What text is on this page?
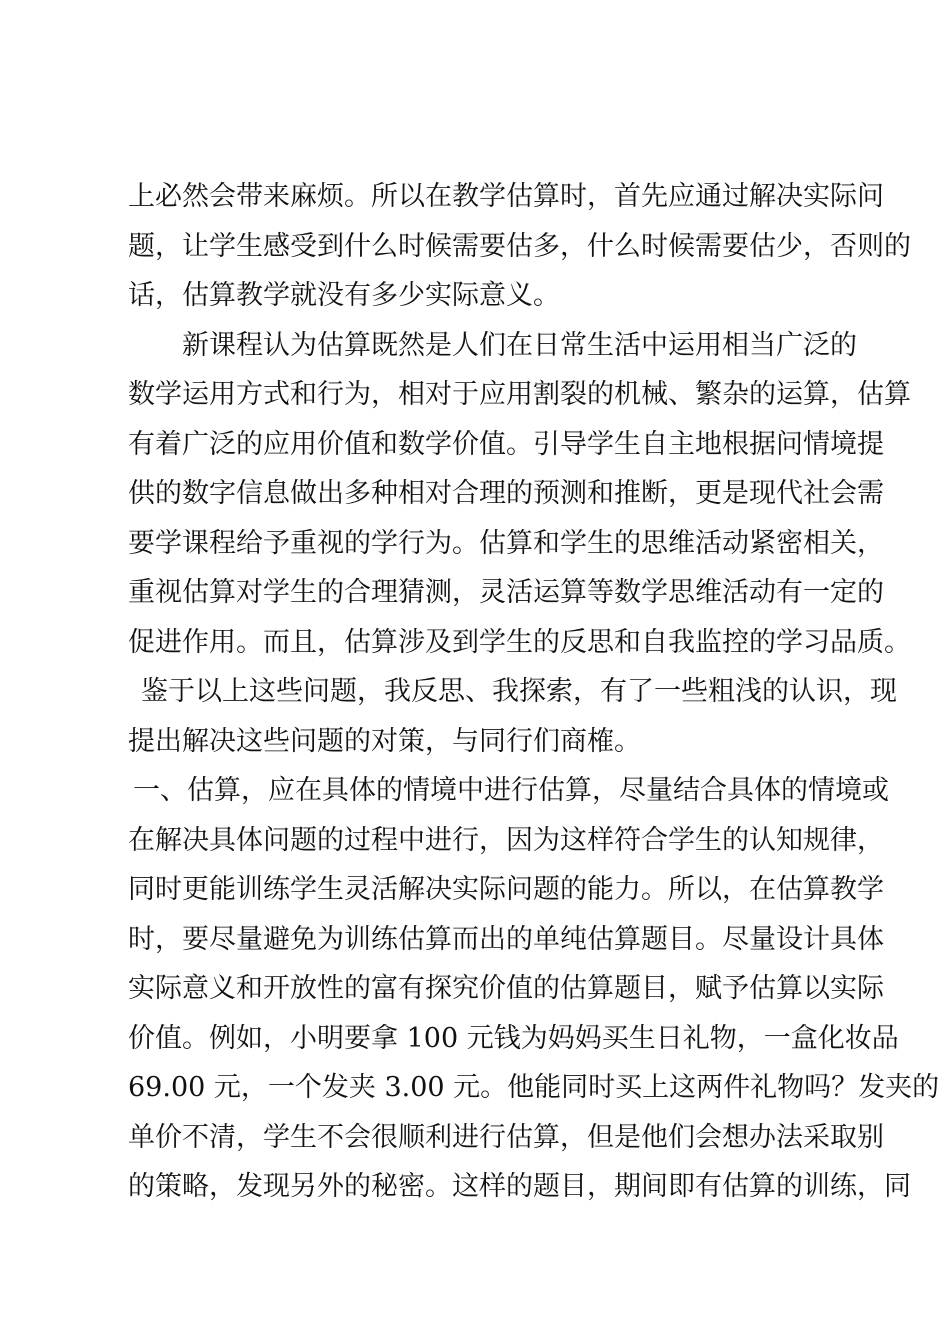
上必然会带来麻烦。所以在教学估算时，首先应通过解决实际问
题，让学生感受到什么时候需要估多，什么时候需要估少，否则的
话，估算教学就没有多少实际意义。
新课程认为估算既然是人们在日常生活中运用相当广泛的
数学运用方式和行为，相对于应用割裂的机械、繁杂的运算，估算
有着广泛的应用价值和数学价值。引导学生自主地根据问情境提
供的数字信息做出多种相对合理的预测和推断，更是现代社会需
要学课程给予重视的学行为。估算和学生的思维活动紧密相关，
重视估算对学生的合理猜测，灵活运算等数学思维活动有一定的
促进作用。而且，估算涉及到学生的反思和自我监控的学习品质。
鉴于以上这些问题，我反思、我探索，有了一些粗浅的认识，现
提出解决这些问题的对策，与同行们商榷。
一、估算，应在具体的情境中进行估算，尽量结合具体的情境或
在解决具体问题的过程中进行，因为这样符合学生的认知规律，
同时更能训练学生灵活解决实际问题的能力。所以，在估算教学
时，要尽量避免为训练估算而出的单纯估算题目。尽量设计具体
实际意义和开放性的富有探究价值的估算题目，赋予估算以实际
价值。例如，小明要拿 100 元钱为妈妈买生日礼物，一盒化妆品
69.00 元，一个发夹 3.00 元。他能同时买上这两件礼物吗？发夹的
单价不清，学生不会很顺利进行估算，但是他们会想办法采取别
的策略，发现另外的秘密。这样的题目，期间即有估算的训练，同
